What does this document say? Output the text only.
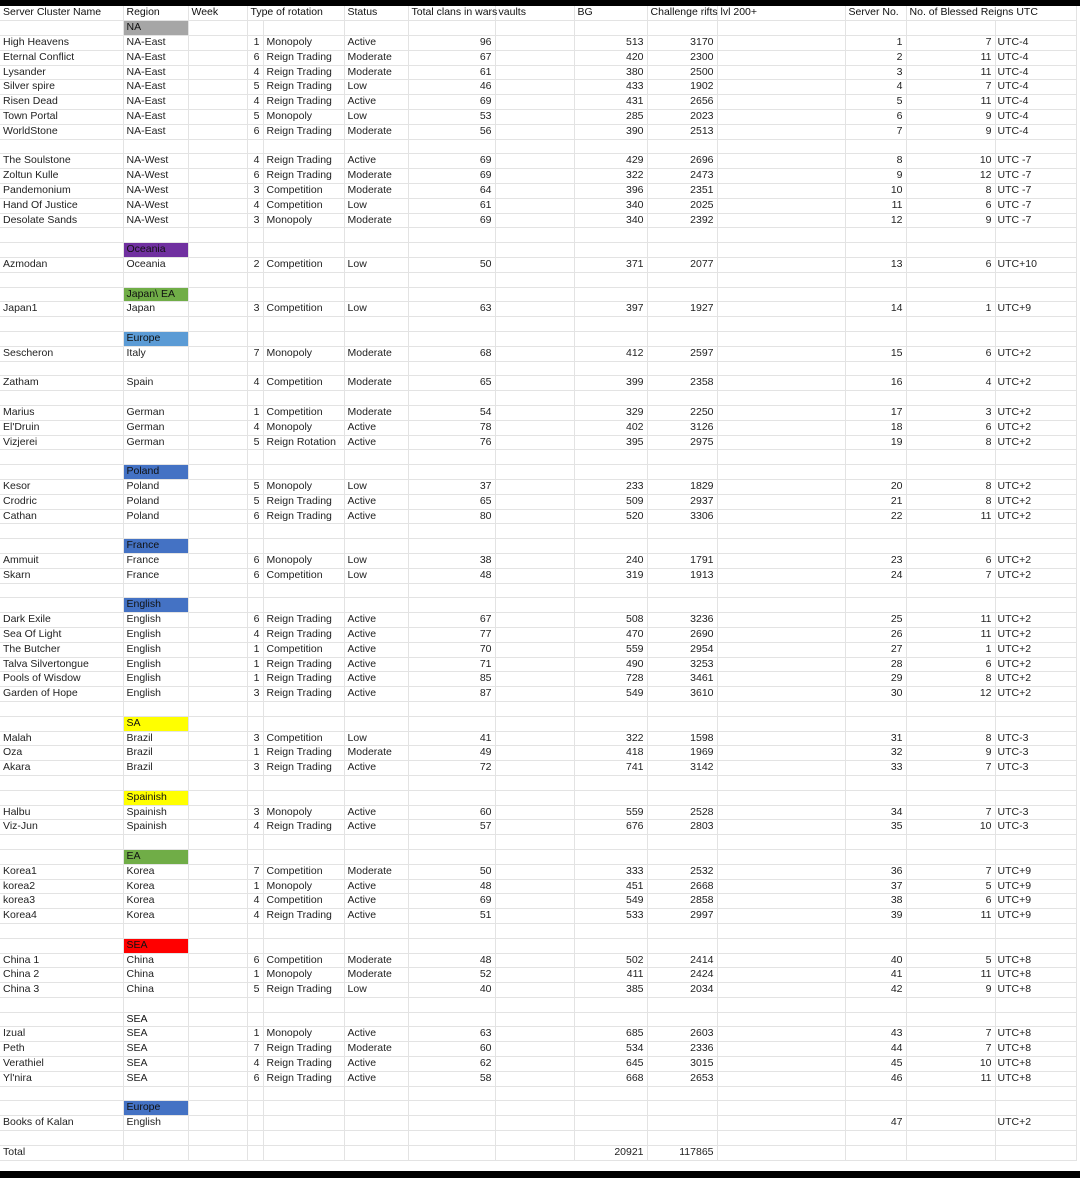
Server Cluster Name	Region	Week	Type of rotation		Status	Total clans in wars	vaults	BG	Challenge rifts lvl 200+		Server No.	No. of Blessed Reigns UTC	
	NA												
High Heavens	NA-East		1	Monopoly	Active	96		513	3170		1	7	UTC-4
Eternal Conflict	NA-East		6	Reign Trading	Moderate	67		420	2300		2	11	UTC-4
Lysander	NA-East		4	Reign Trading	Moderate	61		380	2500		3	11	UTC-4
Silver spire	NA-East		5	Reign Trading	Low	46		433	1902		4	7	UTC-4
Risen Dead	NA-East		4	Reign Trading	Active	69		431	2656		5	11	UTC-4
Town Portal	NA-East		5	Monopoly	Low	53		285	2023		6	9	UTC-4
WorldStone	NA-East		6	Reign Trading	Moderate	56		390	2513		7	9	UTC-4

The Soulstone	NA-West		4	Reign Trading	Active	69		429	2696		8	10	UTC -7
Zoltun Kulle	NA-West		6	Reign Trading	Moderate	69		322	2473		9	12	UTC -7
Pandemonium	NA-West		3	Competition	Moderate	64		396	2351		10	8	UTC -7
Hand Of Justice	NA-West		4	Competition	Low	61		340	2025		11	6	UTC -7
Desolate Sands	NA-West		3	Monopoly	Moderate	69		340	2392		12	9	UTC -7

	Oceania												
Azmodan	Oceania		2	Competition	Low	50		371	2077		13	6	UTC+10

	Japan\ EA												
Japan1	Japan		3	Competition	Low	63		397	1927		14	1	UTC+9

	Europe												
Sescheron	Italy		7	Monopoly	Moderate	68		412	2597		15	6	UTC+2

Zatham	Spain		4	Competition	Moderate	65		399	2358		16	4	UTC+2

Marius	German		1	Competition	Moderate	54		329	2250		17	3	UTC+2
El'Druin	German		4	Monopoly	Active	78		402	3126		18	6	UTC+2
Vizjerei	German		5	Reign Rotation	Active	76		395	2975		19	8	UTC+2

	Poland												
Kesor	Poland		5	Monopoly	Low	37		233	1829		20	8	UTC+2
Crodric	Poland		5	Reign Trading	Active	65		509	2937		21	8	UTC+2
Cathan	Poland		6	Reign Trading	Active	80		520	3306		22	11	UTC+2

	France												
Ammuit	France		6	Monopoly	Low	38		240	1791		23	6	UTC+2
Skarn	France		6	Competition	Low	48		319	1913		24	7	UTC+2

	English												
Dark Exile	English		6	Reign Trading	Active	67		508	3236		25	11	UTC+2
Sea Of Light	English		4	Reign Trading	Active	77		470	2690		26	11	UTC+2
The Butcher	English		1	Competition	Active	70		559	2954		27	1	UTC+2
Talva Silvertongue	English		1	Reign Trading	Active	71		490	3253		28	6	UTC+2
Pools of Wisdow	English		1	Reign Trading	Active	85		728	3461		29	8	UTC+2
Garden of Hope	English		3	Reign Trading	Active	87		549	3610		30	12	UTC+2

	SA												
Malah	Brazil		3	Competition	Low	41		322	1598		31	8	UTC-3
Oza	Brazil		1	Reign Trading	Moderate	49		418	1969		32	9	UTC-3
Akara	Brazil		3	Reign Trading	Active	72		741	3142		33	7	UTC-3

	Spainish												
Halbu	Spainish		3	Monopoly	Active	60		559	2528		34	7	UTC-3
Viz-Jun	Spainish		4	Reign Trading	Active	57		676	2803		35	10	UTC-3

	EA												
Korea1	Korea		7	Competition	Moderate	50		333	2532		36	7	UTC+9
korea2	Korea		1	Monopoly	Active	48		451	2668		37	5	UTC+9
korea3	Korea		4	Competition	Active	69		549	2858		38	6	UTC+9
Korea4	Korea		4	Reign Trading	Active	51		533	2997		39	11	UTC+9

	SEA												
China 1	China		6	Competition	Moderate	48		502	2414		40	5	UTC+8
China 2	China		1	Monopoly	Moderate	52		411	2424		41	11	UTC+8
China 3	China		5	Reign Trading	Low	40		385	2034		42	9	UTC+8

	SEA												
Izual	SEA		1	Monopoly	Active	63		685	2603		43	7	UTC+8
Peth	SEA		7	Reign Trading	Moderate	60		534	2336		44	7	UTC+8
Verathiel	SEA		4	Reign Trading	Active	62		645	3015		45	10	UTC+8
Yl'nira	SEA		6	Reign Trading	Active	58		668	2653		46	11	UTC+8

	Europe												
Books of Kalan	English										47		UTC+2

Total								20921	117865				
